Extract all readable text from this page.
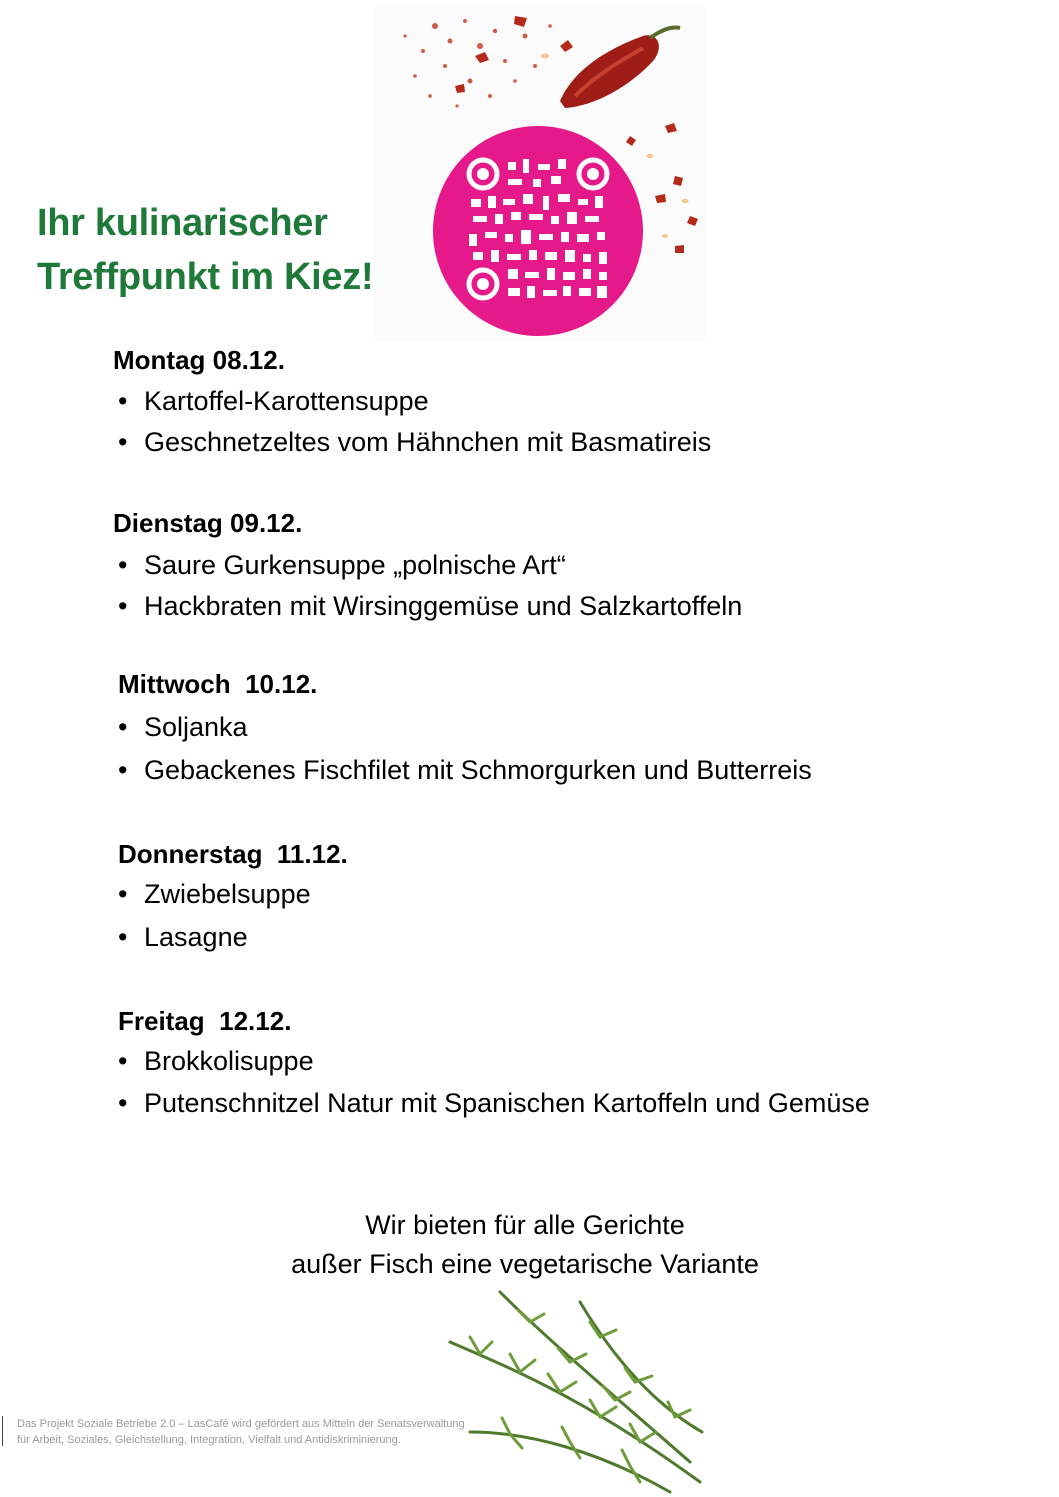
Ihr kulinarischer
Treffpunkt im Kiez!
Montag 08.12.
• Kartoffel-Karottensuppe
• Geschnetzeltes vom Hähnchen mit Basmatireis
Dienstag 09.12.
• Saure Gurkensuppe „polnische Art“
• Hackbraten mit Wirsinggemüse und Salzkartoffeln
Mittwoch  10.12.
• Soljanka
• Gebackenes Fischfilet mit Schmorgurken und Butterreis
Donnerstag  11.12.
• Zwiebelsuppe
• Lasagne
Freitag  12.12.
• Brokkolisuppe
• Putenschnitzel Natur mit Spanischen Kartoffeln und Gemüse
Wir bieten für alle Gerichte
außer Fisch eine vegetarische Variante
Das Projekt Soziale Betriebe 2.0 – LasCafé wird gefördert aus Mitteln der Senatsverwaltung
für Arbeit, Soziales, Gleichstellung, Integration, Vielfalt und Antidiskriminierung.
